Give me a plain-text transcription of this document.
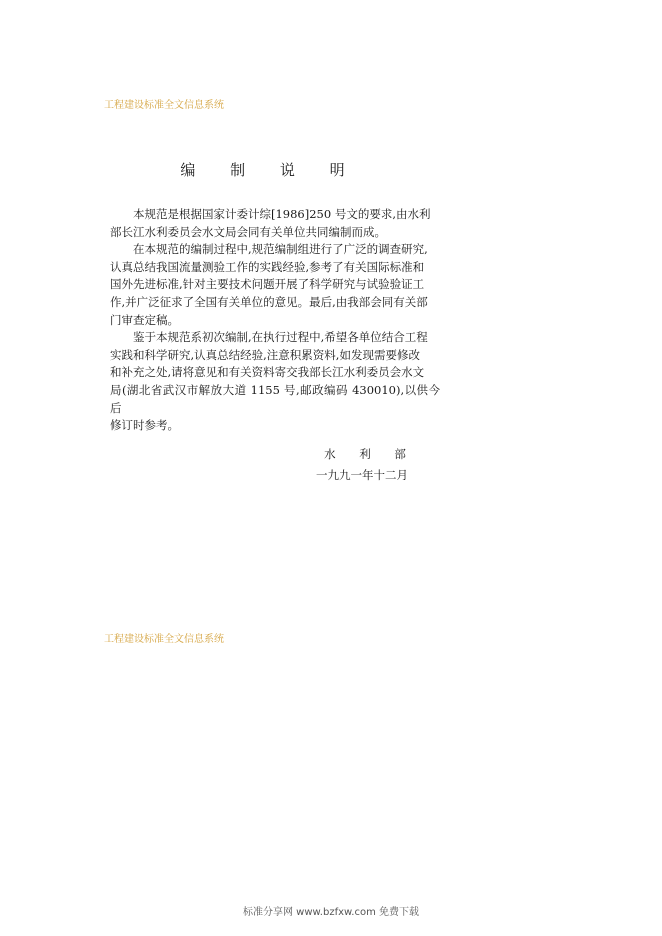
工程建设标准全文信息系统
编 制 说 明

本规范是根据国家计委计综[1986]250 号文的要求,由水利
部长江水利委员会水文局会同有关单位共同编制而成。

在本规范的编制过程中,规范编制组进行了广泛的调查研究,
认真总结我国流量测验工作的实践经验,参考了有关国际标准和
国外先进标准,针对主要技术问题开展了科学研究与试验验证工
作,并广泛征求了全国有关单位的意见。最后,由我部会同有关部
门审查定稿。

鉴于本规范系初次编制,在执行过程中,希望各单位结合工程
实践和科学研究,认真总结经验,注意积累资料,如发现需要修改
和补充之处,请将意见和有关资料寄交我部长江水利委员会水文
局(湖北省武汉市解放大道 1155 号,邮政编码 430010),以供今后
修订时参考。

水 利 部
一九九一年十二月
工程建设标准全文信息系统
标准分享网 www.bzfxw.com 免费下载
